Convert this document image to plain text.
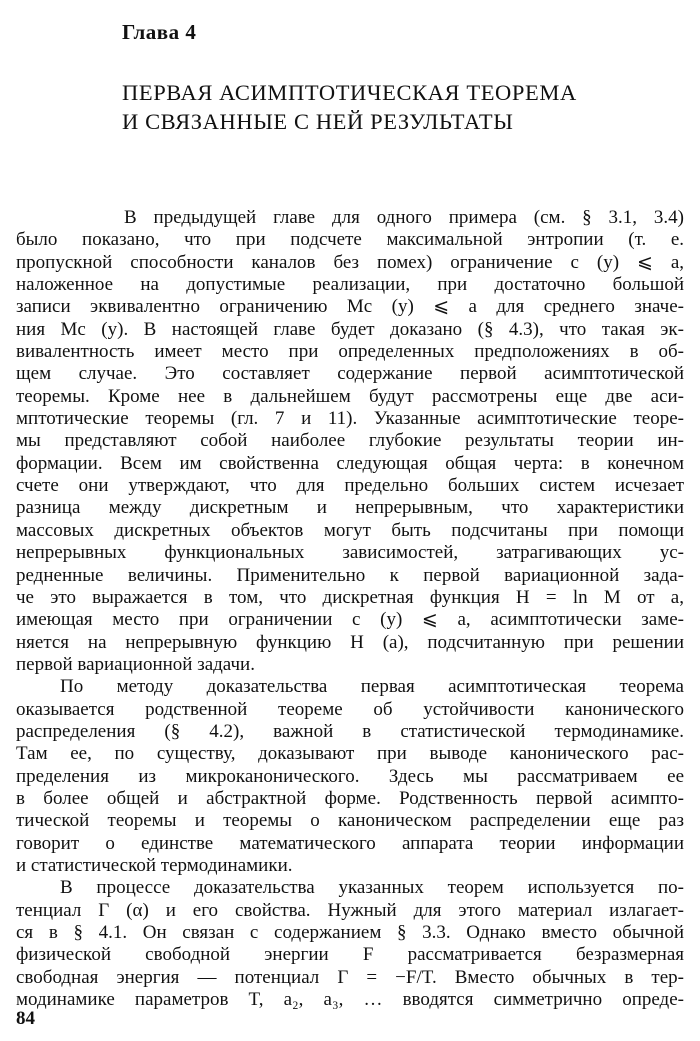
Глава 4
ПЕРВАЯ АСИМПТОТИЧЕСКАЯ ТЕОРЕМА
И СВЯЗАННЫЕ С НЕЙ РЕЗУЛЬТАТЫ
В предыдущей главе для одного примера (см. § 3.1, 3.4)
было показано, что при подсчете максимальной энтропии (т. е.
пропускной способности каналов без помех) ограничение c (y) ⩽ a,
наложенное на допустимые реализации, при достаточно большой
записи эквивалентно ограничению Mc (y) ⩽ a для среднего значе-
ния Mc (y). В настоящей главе будет доказано (§ 4.3), что такая эк-
вивалентность имеет место при определенных предположениях в об-
щем случае. Это составляет содержание первой асимптотической
теоремы. Кроме нее в дальнейшем будут рассмотрены еще две аси-
мптотические теоремы (гл. 7 и 11). Указанные асимптотические теоре-
мы представляют собой наиболее глубокие результаты теории ин-
формации. Всем им свойственна следующая общая черта: в конечном
счете они утверждают, что для предельно больших систем исчезает
разница между дискретным и непрерывным, что характеристики
массовых дискретных объектов могут быть подсчитаны при помощи
непрерывных функциональных зависимостей, затрагивающих ус-
редненные величины. Применительно к первой вариационной зада-
че это выражается в том, что дискретная функция H = ln M от a,
имеющая место при ограничении c (y) ⩽ a, асимптотически заме-
няется на непрерывную функцию H (a), подсчитанную при решении
первой вариационной задачи.
По методу доказательства первая асимптотическая теорема
оказывается родственной теореме об устойчивости канонического
распределения (§ 4.2), важной в статистической термодинамике.
Там ее, по существу, доказывают при выводе канонического рас-
пределения из микроканонического. Здесь мы рассматриваем ее
в более общей и абстрактной форме. Родственность первой асимпто-
тической теоремы и теоремы о каноническом распределении еще раз
говорит о единстве математического аппарата теории информации
и статистической термодинамики.
В процессе доказательства указанных теорем используется по-
тенциал Γ (α) и его свойства. Нужный для этого материал излагает-
ся в § 4.1. Он связан с содержанием § 3.3. Однако вместо обычной
физической свободной энергии F рассматривается безразмерная
свободная энергия — потенциал Γ = −F/T. Вместо обычных в тер-
модинамике параметров T, a₂, a₃, … вводятся симметрично опреде-
84
